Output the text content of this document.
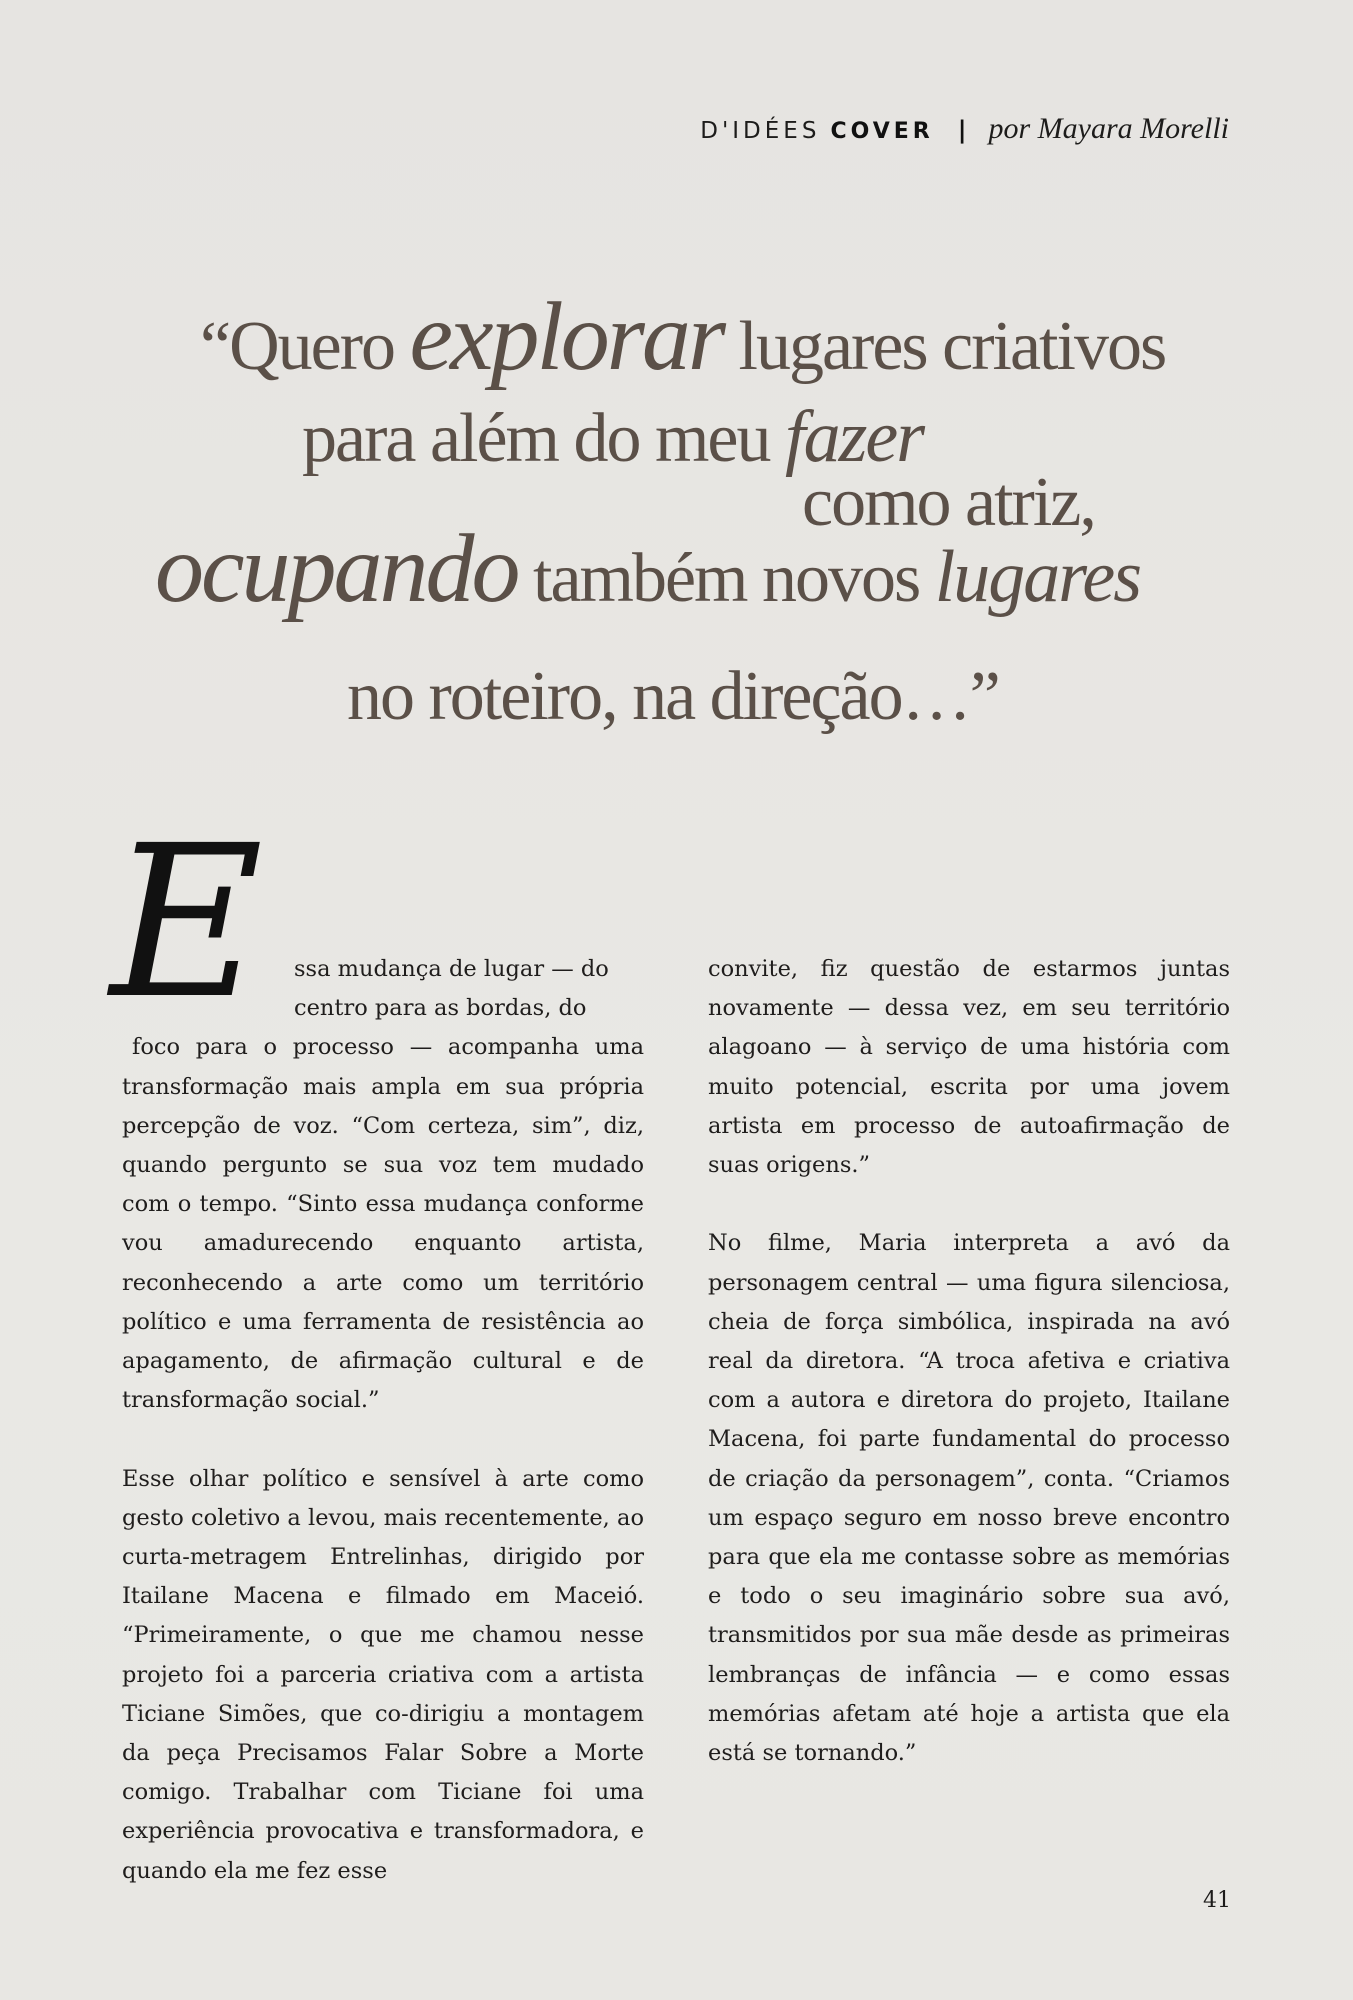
D'IDÉES COVER | por Mayara Morelli
“Quero explorar lugares criativos
para além do meu fazer
como atriz,
ocupando também novos lugares
no roteiro, na direção…”
E	ssa mudança de lugar — do
centro para as bordas, do
foco para o processo — acompanha uma transformação mais ampla em sua própria percepção de voz. “Com certeza, sim”, diz, quando pergunto se sua voz tem mudado com o tempo. “Sinto essa mudança conforme vou amadurecendo enquanto artista, reconhecendo a arte como um território político e uma ferramenta de resistência ao apagamento, de afirmação cultural e de transformação social.”

Esse olhar político e sensível à arte como gesto coletivo a levou, mais recentemente, ao curta-metragem Entrelinhas, dirigido por Itailane Macena e filmado em Maceió. “Primeiramente, o que me chamou nesse projeto foi a parceria criativa com a artista Ticiane Simões, que co-dirigiu a montagem da peça Precisamos Falar Sobre a Morte comigo. Trabalhar com Ticiane foi uma experiência provocativa e transformadora, e quando ela me fez esse

convite, fiz questão de estarmos juntas novamente — dessa vez, em seu território alagoano — à serviço de uma história com muito potencial, escrita por uma jovem artista em processo de autoafirmação de suas origens.”

No filme, Maria interpreta a avó da personagem central — uma figura silenciosa, cheia de força simbólica, inspirada na avó real da diretora. “A troca afetiva e criativa com a autora e diretora do projeto, Itailane Macena, foi parte fundamental do processo de criação da personagem”, conta. “Criamos um espaço seguro em nosso breve encontro para que ela me contasse sobre as memórias e todo o seu imaginário sobre sua avó, transmitidos por sua mãe desde as primeiras lembranças de infância — e como essas memórias afetam até hoje a artista que ela está se tornando.”

41
